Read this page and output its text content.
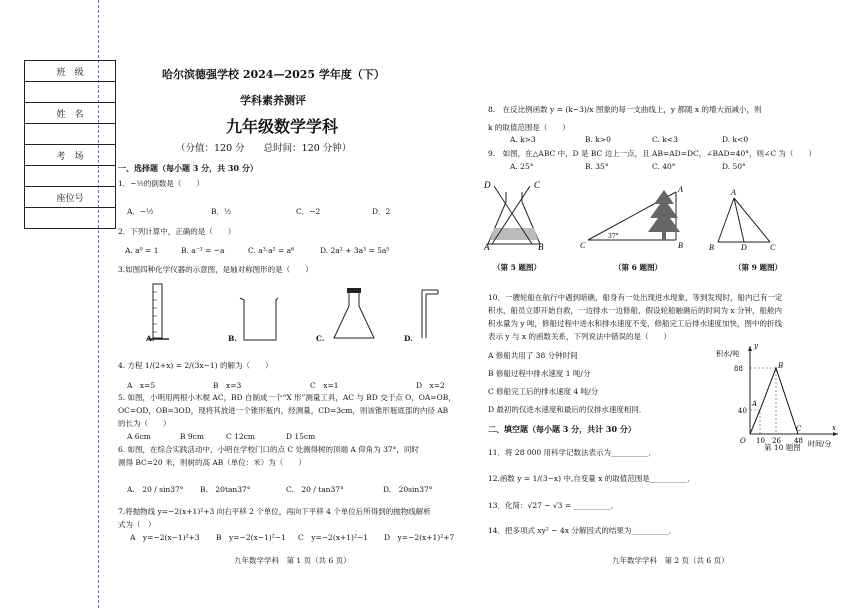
班　级

姓　名

考　场

座位号

哈尔滨德强学校 2024—2025 学年度（下）
学科素养测评
九年级数学学科
（分值：120 分　　总时间：120 分钟）
一、选择题（每小题 3 分，共 30 分）
1．−½的倒数是（　　）
A．−½	B．½	C．−2	D．2
2．下列计算中，正确的是（　　）
A. a⁰ = 1	B. a⁻¹ = −a	C. a³·a² = a⁶	D. 2a² + 3a³ = 5a⁵
3.如图四种化学仪器的示意图，是轴对称图形的是（　　）
A.	B.	C.	D.
4. 方程 1/(2+x) = 2/(3x−1) 的解为（　　）
A　x=5	B　x=3	C　x=1	D　x=2
5. 如图，小明用两根小木棍 AC，BD 自制成一个“X 形”测量工具，AC 与 BD 交于点 O，OA=OB，
OC=OD，OB=3OD，现将其放进一个锥形瓶内，经测量，CD=3cm，则该锥形瓶底部的内径 AB
的长为（　　）
A 6cm	B 9cm	C 12cm	D 15cm
6. 如图，在综合实践活动中，小明在学校门口的点 C 处测得树的顶端 A 仰角为 37°，同时
测得 BC=20 米，则树的高 AB（单位：米）为（　　）
A.　20 / sin37° B.　20tan37°	C.　20 / tan37°	D.　20sin37°
7.将抛物线 y=−2(x+1)²+3 向右平移 2 个单位，再向下平移 4 个单位后所得到的抛物线解析
式为（　）
A　y=−2(x−1)²+3 B　y=−2(x−1)²−1 C　y=−2(x+1)²−1 D　y=−2(x+1)²+7
九年数学学科　第 1 页（共 6 页）
8.　在反比例函数 y = (k−3)/x 图象的每一支曲线上，y 都随 x 的增大而减小，则
k 的取值范围是（　　）
A. k>3	B. k>0	C. k<3	D. k<0
9.　如图，在△ABC 中，D 是 BC 边上一点，且 AB=AD=DC，∠BAD=40°，则∠C 为（　　）
A. 25°	B. 35°	C. 40°	D. 50°
D	C
A	B
（第 5 题图）
37°
A
C	B
（第 6 题图）
A
B	D	C
（第 9 题图）
10．一艘轮船在航行中遇到暗礁，船身有一处出现进水现象，等到发现时，船内已有一定
积水，船员立即开始自救，一边排水一边修船，假设轮船触礁后的时间为 x 分钟，船舱内
积水量为 y 吨，修船过程中进水和排水速度不变，修船完工后排水速度加快，图中的折线
表示 y 与 x 的函数关系，下列说法中错误的是（　　）
A 修船共用了 38 分钟时间
B 修船过程中排水速度 1 吨/分
C 修船完工后的排水速度 4 吨/分
D 最初的仅进水速度和最后的仅排水速度相同．
积水/吨
时间/分
88
40
10 26 48
A
B
C
O
x
y
第 10 题图
二、填空题（每小题 3 分，共计 30 分）
11．将 28 000 用科学记数法表示为__________．
12.函数 y = 1/(3−x) 中,自变量 x 的取值范围是__________．
13．化简：√27 − √3 = __________．
14．把多项式 xy² − 4x 分解因式的结果为__________．
九年数学学科　第 2 页（共 6 页）
